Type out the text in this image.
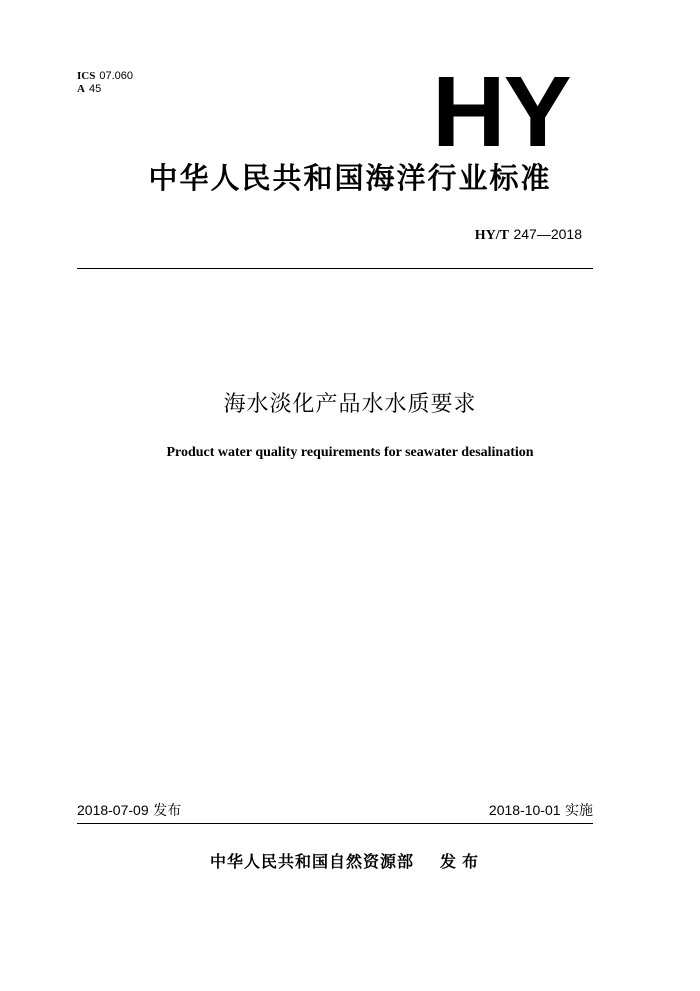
ICS 07.060
A 45	HY
中华人民共和国海洋行业标准
HY/T 247—2018
海水淡化产品水水质要求
Product water quality requirements for seawater desalination
2018-07-09 发布	2018-10-01 实施
中华人民共和国自然资源部 发布
